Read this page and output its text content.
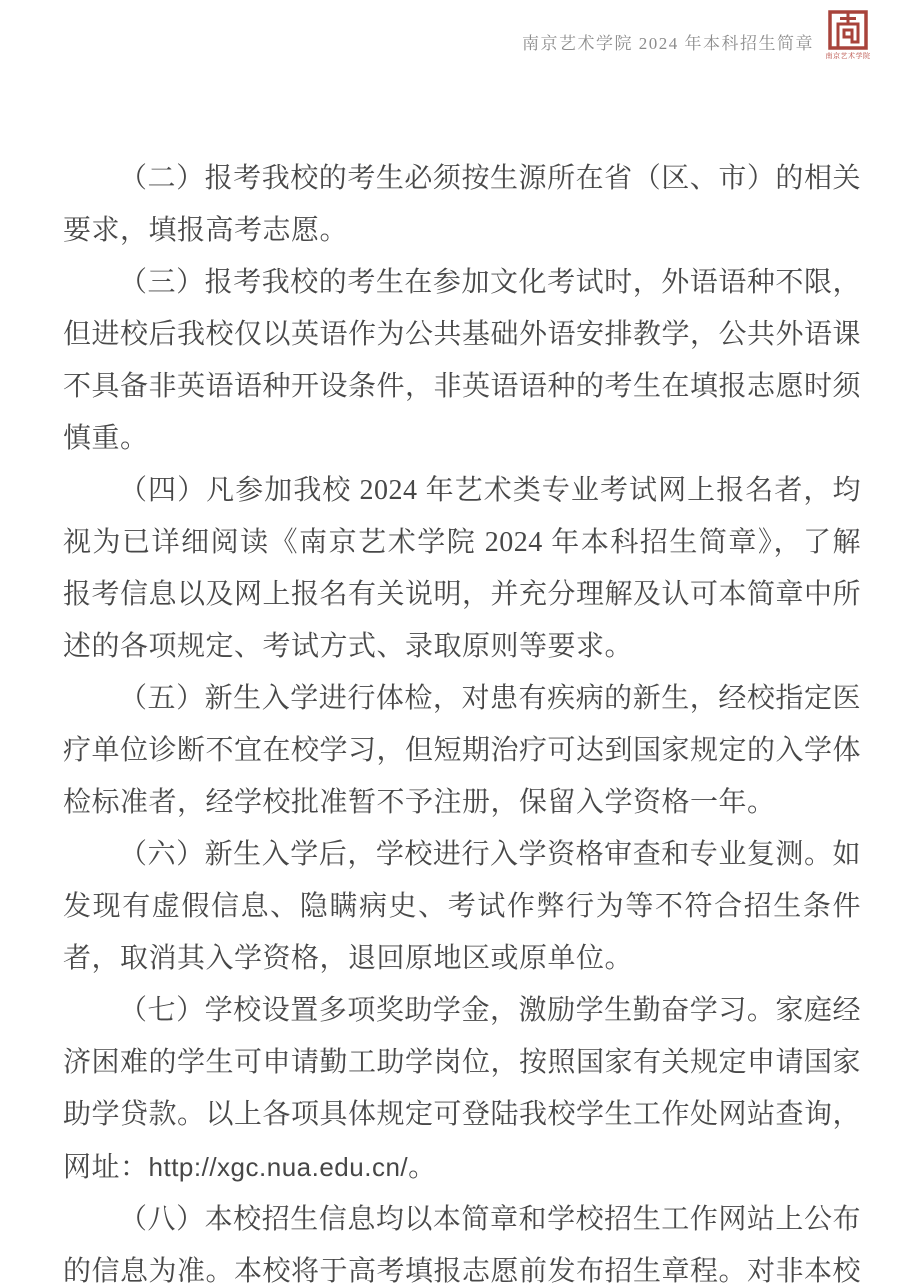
南京艺术学院 2024 年本科招生简章
南京艺术学院

（二）报考我校的考生必须按生源所在省（区、市）的相关要求，填报高考志愿。

（三）报考我校的考生在参加文化考试时，外语语种不限，但进校后我校仅以英语作为公共基础外语安排教学，公共外语课不具备非英语语种开设条件，非英语语种的考生在填报志愿时须慎重。

（四）凡参加我校 2024 年艺术类专业考试网上报名者，均视为已详细阅读《南京艺术学院 2024 年本科招生简章》，了解报考信息以及网上报名有关说明，并充分理解及认可本简章中所述的各项规定、考试方式、录取原则等要求。

（五）新生入学进行体检，对患有疾病的新生，经校指定医疗单位诊断不宜在校学习，但短期治疗可达到国家规定的入学体检标准者，经学校批准暂不予注册，保留入学资格一年。

（六）新生入学后，学校进行入学资格审查和专业复测。如发现有虚假信息、隐瞒病史、考试作弊行为等不符合招生条件者，取消其入学资格，退回原地区或原单位。

（七）学校设置多项奖助学金，激励学生勤奋学习。家庭经济困难的学生可申请勤工助学岗位，按照国家有关规定申请国家助学贷款。以上各项具体规定可登陆我校学生工作处网站查询，网址：http://xgc.nua.edu.cn/。

（八）本校招生信息均以本简章和学校招生工作网站上公布的信息为准。本校将于高考填报志愿前发布招生章程。对非本校
